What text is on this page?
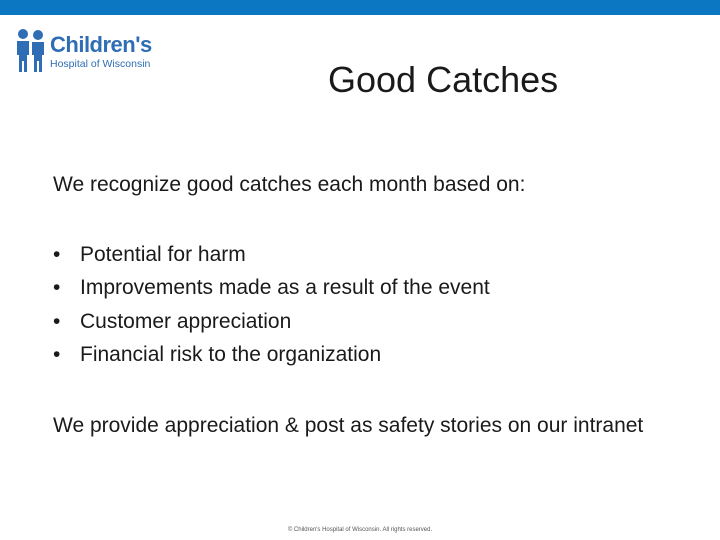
Children's
Hospital of Wisconsin	Good Catches

We recognize good catches each month based on:

• Potential for harm
• Improvements made as a result of the event
• Customer appreciation
• Financial risk to the organization

We provide appreciation & post as safety stories on our intranet

© Children's Hospital of Wisconsin. All rights reserved.
